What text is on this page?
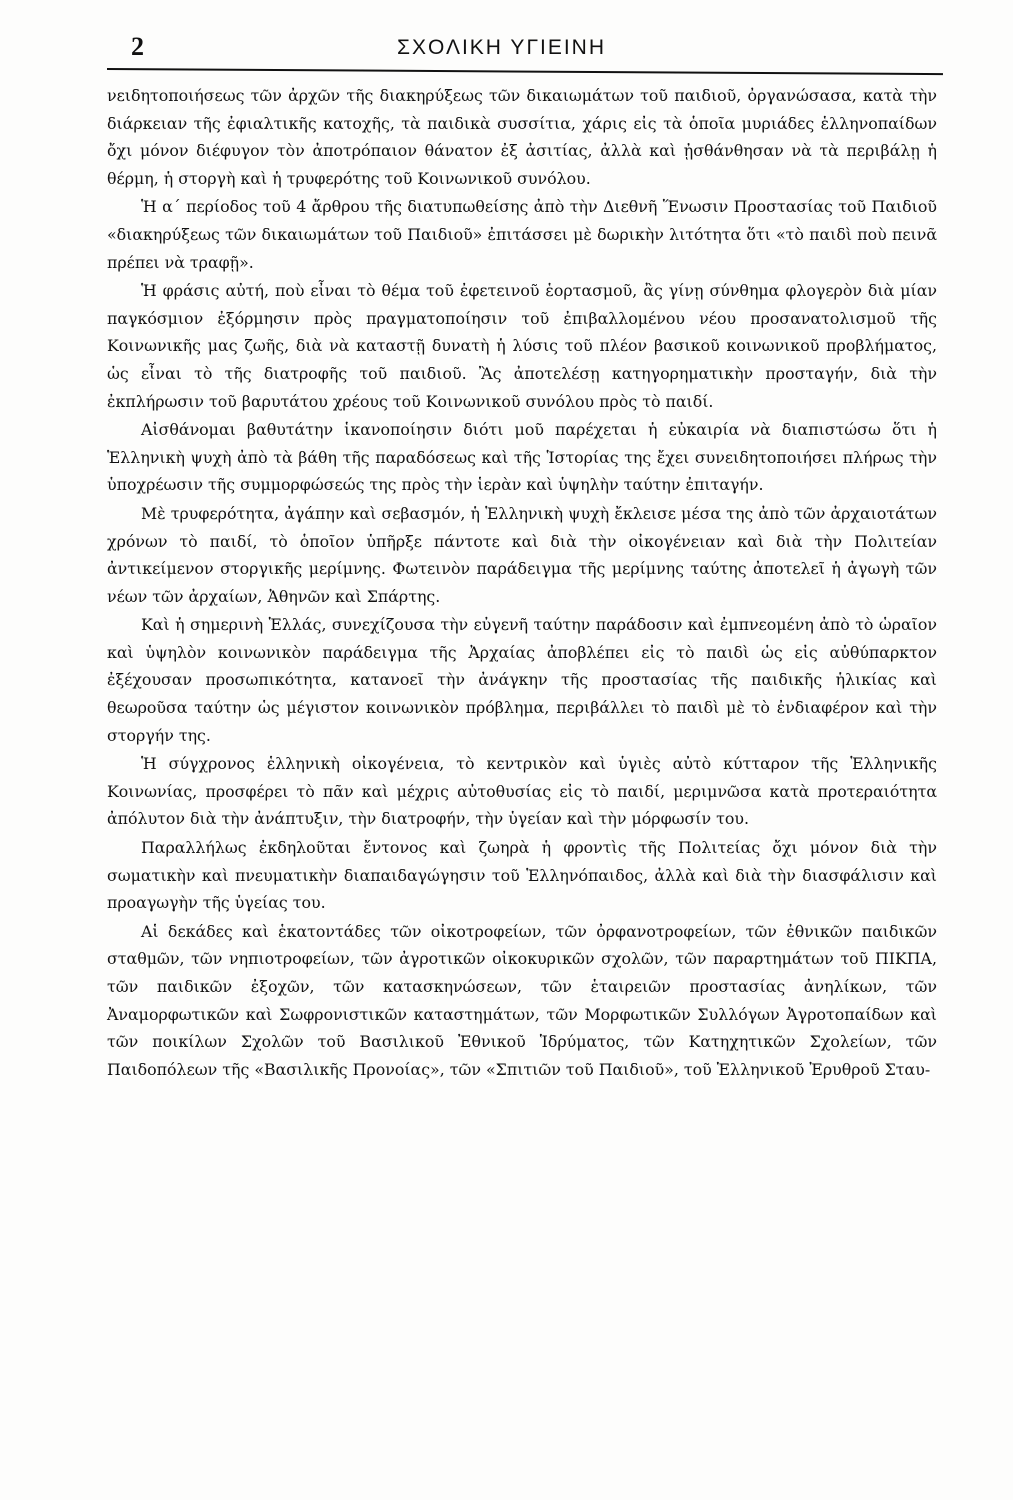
2	ΣΧΟΛΙΚΗ ΥΓΙΕΙΝΗ

νειδητοποιήσεως τῶν ἀρχῶν τῆς διακηρύξεως τῶν δικαιωμάτων τοῦ παιδιοῦ, ὀργανώσασα, κατὰ τὴν διάρκειαν τῆς ἐφιαλτικῆς κατοχῆς, τὰ παιδικὰ συσσίτια, χάρις εἰς τὰ ὁποῖα μυριάδες ἑλληνοπαίδων ὄχι μόνον διέφυγον τὸν ἀποτρόπαιον θάνατον ἐξ ἀσιτίας, ἀλλὰ καὶ ᾐσθάνθησαν νὰ τὰ περιβάλῃ ἡ θέρμη, ἡ στοργὴ καὶ ἡ τρυφερότης τοῦ Κοινωνικοῦ συνόλου.

Ἡ α΄ περίοδος τοῦ 4 ἄρθρου τῆς διατυπωθείσης ἀπὸ τὴν Διεθνῆ Ἕνωσιν Προστασίας τοῦ Παιδιοῦ «διακηρύξεως τῶν δικαιωμάτων τοῦ Παιδιοῦ» ἐπιτάσσει μὲ δωρικὴν λιτότητα ὅτι «τὸ παιδὶ ποὺ πεινᾶ πρέπει νὰ τραφῇ».

Ἡ φράσις αὐτή, ποὺ εἶναι τὸ θέμα τοῦ ἐφετεινοῦ ἑορτασμοῦ, ἂς γίνῃ σύνθημα φλογερὸν διὰ μίαν παγκόσμιον ἐξόρμησιν πρὸς πραγματοποίησιν τοῦ ἐπιβαλλομένου νέου προσανατολισμοῦ τῆς Κοινωνικῆς μας ζωῆς, διὰ νὰ καταστῇ δυνατὴ ἡ λύσις τοῦ πλέον βασικοῦ κοινωνικοῦ προβλήματος, ὡς εἶναι τὸ τῆς διατροφῆς τοῦ παιδιοῦ. Ἂς ἀποτελέσῃ κατηγορηματικὴν προσταγήν, διὰ τὴν ἐκπλήρωσιν τοῦ βαρυτάτου χρέους τοῦ Κοινωνικοῦ συνόλου πρὸς τὸ παιδί.

Αἰσθάνομαι βαθυτάτην ἱκανοποίησιν διότι μοῦ παρέχεται ἡ εὐκαιρία νὰ διαπιστώσω ὅτι ἡ Ἑλληνικὴ ψυχὴ ἀπὸ τὰ βάθη τῆς παραδόσεως καὶ τῆς Ἱστορίας της ἔχει συνειδητοποιήσει πλήρως τὴν ὑποχρέωσιν τῆς συμμορφώσεώς της πρὸς τὴν ἱερὰν καὶ ὑψηλὴν ταύτην ἐπιταγήν.

Μὲ τρυφερότητα, ἀγάπην καὶ σεβασμόν, ἡ Ἑλληνικὴ ψυχὴ ἔκλεισε μέσα της ἀπὸ τῶν ἀρχαιοτάτων χρόνων τὸ παιδί, τὸ ὁποῖον ὑπῆρξε πάντοτε καὶ διὰ τὴν οἰκογένειαν καὶ διὰ τὴν Πολιτείαν ἀντικείμενον στοργικῆς μερίμνης. Φωτεινὸν παράδειγμα τῆς μερίμνης ταύτης ἀποτελεῖ ἡ ἀγωγὴ τῶν νέων τῶν ἀρχαίων, Ἀθηνῶν καὶ Σπάρτης.

Καὶ ἡ σημερινὴ Ἑλλάς, συνεχίζουσα τὴν εὐγενῆ ταύτην παράδοσιν καὶ ἐμπνεομένη ἀπὸ τὸ ὡραῖον καὶ ὑψηλὸν κοινωνικὸν παράδειγμα τῆς Ἀρχαίας ἀποβλέπει εἰς τὸ παιδὶ ὡς εἰς αὐθύπαρκτον ἐξέχουσαν προσωπικότητα, κατανοεῖ τὴν ἀνάγκην τῆς προστασίας τῆς παιδικῆς ἡλικίας καὶ θεωροῦσα ταύτην ὡς μέγιστον κοινωνικὸν πρόβλημα, περιβάλλει τὸ παιδὶ μὲ τὸ ἐνδιαφέρον καὶ τὴν στοργήν της.

Ἡ σύγχρονος ἑλληνικὴ οἰκογένεια, τὸ κεντρικὸν καὶ ὑγιὲς αὐτὸ κύτταρον τῆς Ἑλληνικῆς Κοινωνίας, προσφέρει τὸ πᾶν καὶ μέχρις αὐτοθυσίας εἰς τὸ παιδί, μεριμνῶσα κατὰ προτεραιότητα ἀπόλυτον διὰ τὴν ἀνάπτυξιν, τὴν διατροφήν, τὴν ὑγείαν καὶ τὴν μόρφωσίν του.

Παραλλήλως ἐκδηλοῦται ἔντονος καὶ ζωηρὰ ἡ φροντὶς τῆς Πολιτείας ὄχι μόνον διὰ τὴν σωματικὴν καὶ πνευματικὴν διαπαιδαγώγησιν τοῦ Ἑλληνόπαιδος, ἀλλὰ καὶ διὰ τὴν διασφάλισιν καὶ προαγωγὴν τῆς ὑγείας του.

Αἱ δεκάδες καὶ ἑκατοντάδες τῶν οἰκοτροφείων, τῶν ὀρφανοτροφείων, τῶν ἐθνικῶν παιδικῶν σταθμῶν, τῶν νηπιοτροφείων, τῶν ἀγροτικῶν οἰκοκυρικῶν σχολῶν, τῶν παραρτημάτων τοῦ ΠΙΚΠΑ, τῶν παιδικῶν ἐξοχῶν, τῶν κατασκηνώσεων, τῶν ἑταιρειῶν προστασίας ἀνηλίκων, τῶν Ἀναμορφωτικῶν καὶ Σωφρονιστικῶν καταστημάτων, τῶν Μορφωτικῶν Συλλόγων Ἀγροτοπαίδων καὶ τῶν ποικίλων Σχολῶν τοῦ Βασιλικοῦ Ἐθνικοῦ Ἱδρύματος, τῶν Κατηχητικῶν Σχολείων, τῶν Παιδοπόλεων τῆς «Βασιλικῆς Προνοίας», τῶν «Σπιτιῶν τοῦ Παιδιοῦ», τοῦ Ἑλληνικοῦ Ἐρυθροῦ Σταυ-
